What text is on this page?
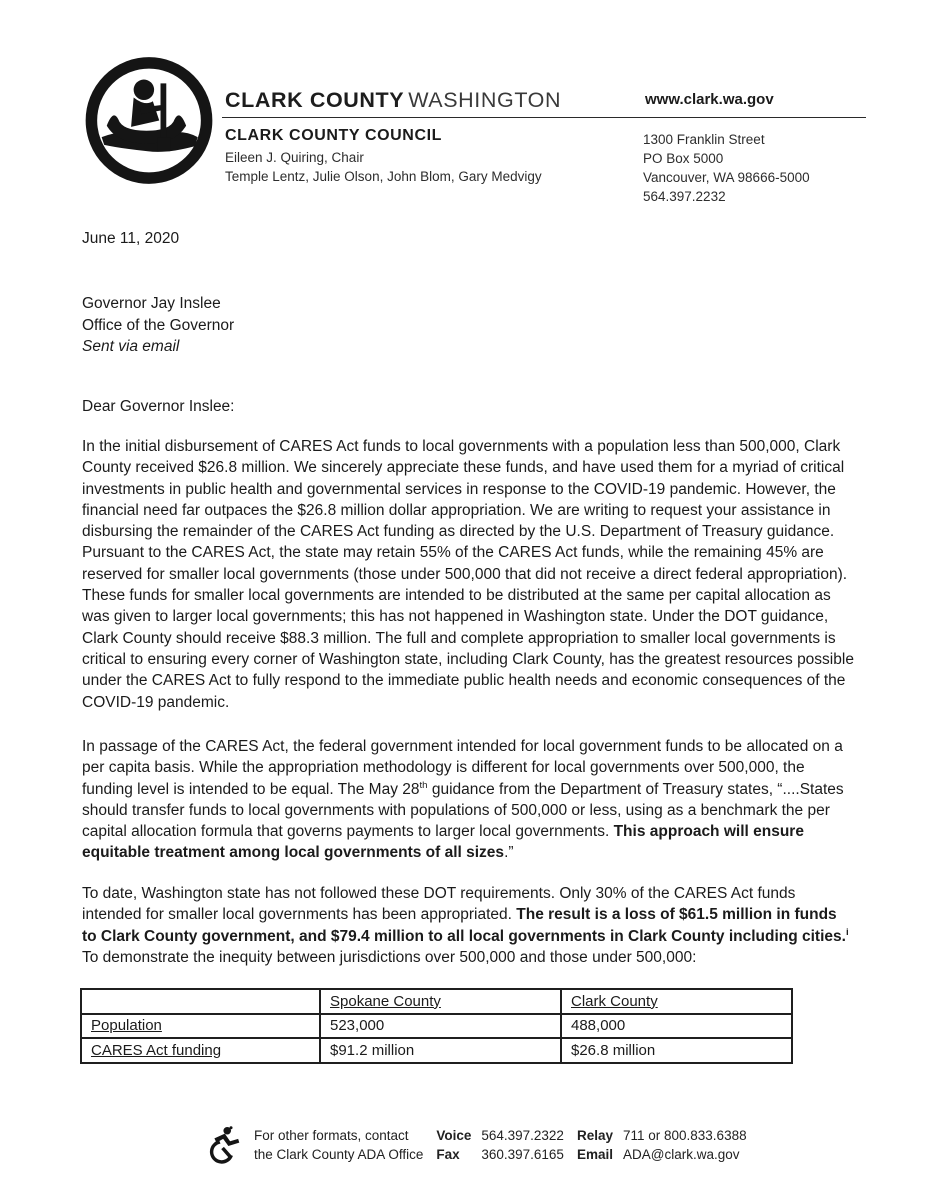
CLARK COUNTY WASHINGTON	www.clark.wa.gov
CLARK COUNTY COUNCIL
Eileen J. Quiring, Chair
Temple Lentz, Julie Olson, John Blom, Gary Medvigy
1300 Franklin Street
PO Box 5000
Vancouver, WA 98666-5000
564.397.2232
June 11, 2020
Governor Jay Inslee
Office of the Governor
Sent via email
Dear Governor Inslee:
In the initial disbursement of CARES Act funds to local governments with a population less than 500,000, Clark County received $26.8 million. We sincerely appreciate these funds, and have used them for a myriad of critical investments in public health and governmental services in response to the COVID-19 pandemic. However, the financial need far outpaces the $26.8 million dollar appropriation. We are writing to request your assistance in disbursing the remainder of the CARES Act funding as directed by the U.S. Department of Treasury guidance. Pursuant to the CARES Act, the state may retain 55% of the CARES Act funds, while the remaining 45% are reserved for smaller local governments (those under 500,000 that did not receive a direct federal appropriation). These funds for smaller local governments are intended to be distributed at the same per capital allocation as was given to larger local governments; this has not happened in Washington state. Under the DOT guidance, Clark County should receive $88.3 million. The full and complete appropriation to smaller local governments is critical to ensuring every corner of Washington state, including Clark County, has the greatest resources possible under the CARES Act to fully respond to the immediate public health needs and economic consequences of the COVID-19 pandemic.
In passage of the CARES Act, the federal government intended for local government funds to be allocated on a per capita basis. While the appropriation methodology is different for local governments over 500,000, the funding level is intended to be equal. The May 28th guidance from the Department of Treasury states, “....States should transfer funds to local governments with populations of 500,000 or less, using as a benchmark the per capital allocation formula that governs payments to larger local governments. This approach will ensure equitable treatment among local governments of all sizes.”
To date, Washington state has not followed these DOT requirements. Only 30% of the CARES Act funds intended for smaller local governments has been appropriated. The result is a loss of $61.5 million in funds to Clark County government, and $79.4 million to all local governments in Clark County including cities.$^i$ To demonstrate the inequity between jurisdictions over 500,000 and those under 500,000:
	Spokane County	Clark County
Population	523,000	488,000
CARES Act funding	$91.2 million	$26.8 million
For other formats, contact
the Clark County ADA Office
Voice 564.397.2322
Fax	360.397.6165
Relay 711 or 800.833.6388
Email ADA@clark.wa.gov
